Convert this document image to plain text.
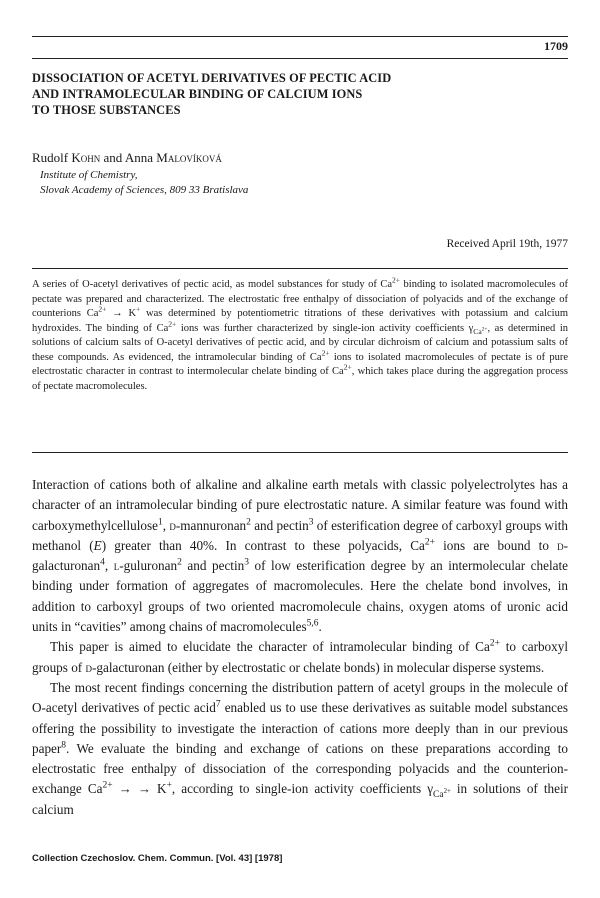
1709
DISSOCIATION OF ACETYL DERIVATIVES OF PECTIC ACID
AND INTRAMOLECULAR BINDING OF CALCIUM IONS
TO THOSE SUBSTANCES
Rudolf Kohn and Anna Malovíková
Institute of Chemistry,
Slovak Academy of Sciences, 809 33 Bratislava
Received April 19th, 1977
A series of O-acetyl derivatives of pectic acid, as model substances for study of $Ca^{2+}$ binding to isolated macromolecules of pectate was prepared and characterized. The electrostatic free enthalpy of dissociation of polyacids and of the exchange of counterions $Ca^{2+} \to K^+$ was determined by potentiometric titrations of these derivatives with potassium and calcium hydroxides. The binding of $Ca^{2+}$ ions was further characterized by single-ion activity coefficients $\gamma_{Ca^{2+}}$, as determined in solutions of calcium salts of O-acetyl derivatives of pectic acid, and by circular dichroism of calcium and potassium salts of these compounds. As evidenced, the intramolecular binding of $Ca^{2+}$ ions to isolated macromolecules of pectate is of pure electrostatic character in contrast to intermolecular chelate binding of $Ca^{2+}$, which takes place during the aggregation process of pectate macromolecules.

Interaction of cations both of alkaline and alkaline earth metals with classic polyelectrolytes has a character of an intramolecular binding of pure electrostatic nature. A similar feature was found with carboxymethylcellulose$^1$, d-mannuronan$^2$ and pectin$^3$ of esterification degree of carboxyl groups with methanol (E) greater than 40%. In contrast to these polyacids, $Ca^{2+}$ ions are bound to d-galacturonan$^4$, l-guluronan$^2$ and pectin$^3$ of low esterification degree by an intermolecular chelate binding under formation of aggregates of macromolecules. Here the chelate bond involves, in addition to carboxyl groups of two oriented macromolecule chains, oxygen atoms of uronic acid units in “cavities” among chains of macromolecules$^{5,6}$.

This paper is aimed to elucidate the character of intramolecular binding of $Ca^{2+}$ to carboxyl groups of d-galacturonan (either by electrostatic or chelate bonds) in molecular disperse systems.

The most recent findings concerning the distribution pattern of acetyl groups in the molecule of O-acetyl derivatives of pectic acid$^7$ enabled us to use these derivatives as suitable model substances offering the possibility to investigate the interaction of cations more deeply than in our previous paper$^8$. We evaluate the binding and exchange of cations on these preparations according to electrostatic free enthalpy of dissociation of the corresponding polyacids and the counterion-exchange $Ca^{2+}$ → → K+, according to single-ion activity coefficients $\gamma_{Ca^{2+}}$ in solutions of their calcium

Collection Czechoslov. Chem. Commun. [Vol. 43] [1978]
